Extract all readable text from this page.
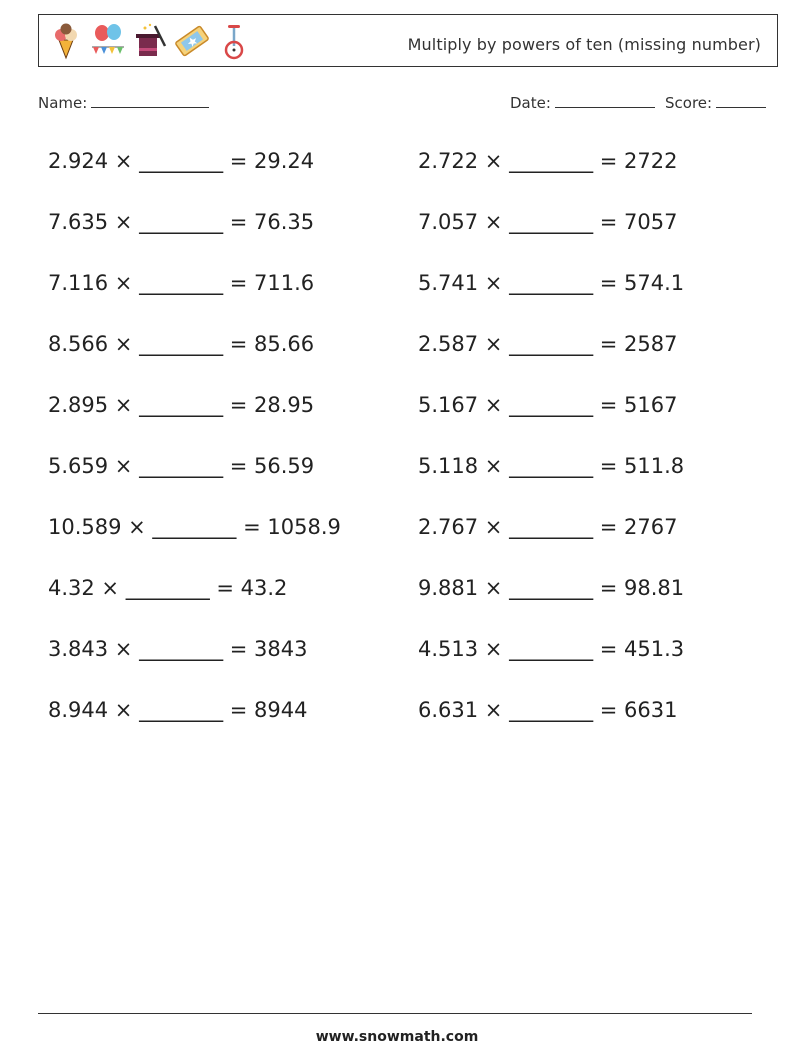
Multiply by powers of ten (missing number)
Name:	Date:	Score:
2.924 × ________ = 29.24
7.635 × ________ = 76.35
7.116 × ________ = 711.6
8.566 × ________ = 85.66
2.895 × ________ = 28.95
5.659 × ________ = 56.59
10.589 × ________ = 1058.9
4.32 × ________ = 43.2
3.843 × ________ = 3843
8.944 × ________ = 8944
2.722 × ________ = 2722
7.057 × ________ = 7057
5.741 × ________ = 574.1
2.587 × ________ = 2587
5.167 × ________ = 5167
5.118 × ________ = 511.8
2.767 × ________ = 2767
9.881 × ________ = 98.81
4.513 × ________ = 451.3
6.631 × ________ = 6631
www.snowmath.com
